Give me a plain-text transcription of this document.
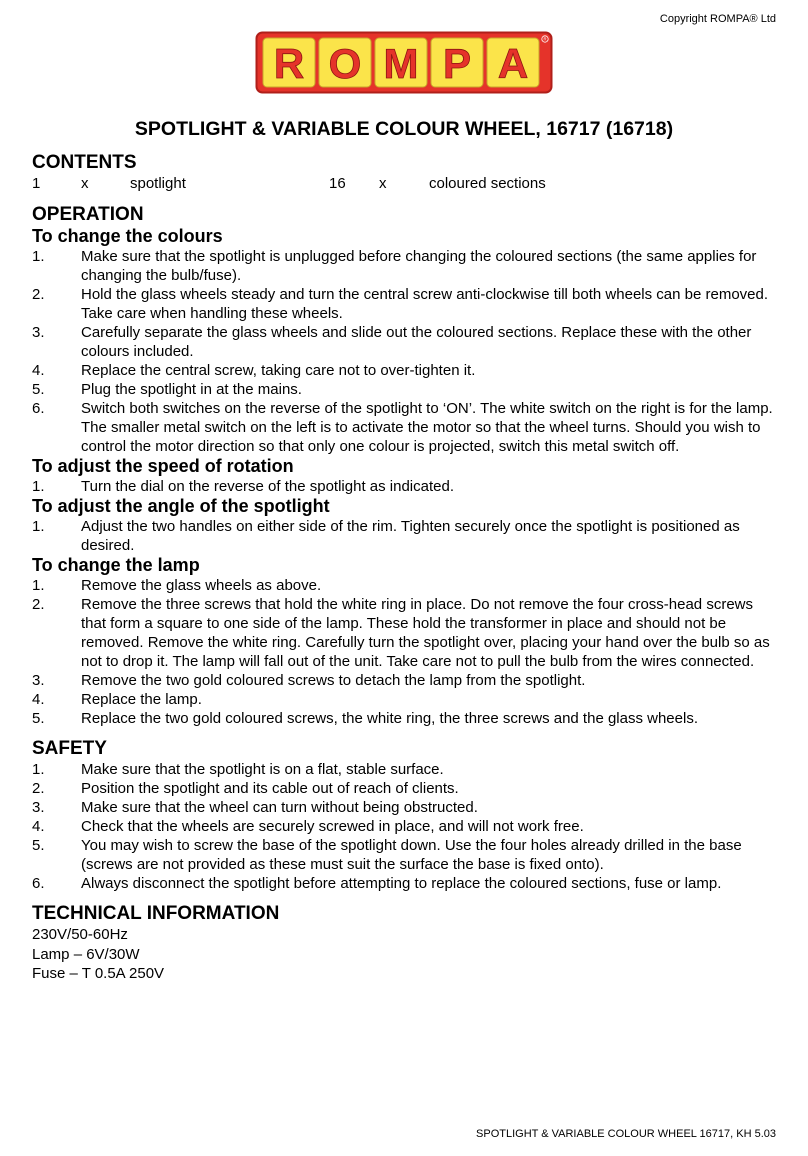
Copyright ROMPA® Ltd
R O M P A
R
SPOTLIGHT & VARIABLE COLOUR WHEEL, 16717 (16718)
CONTENTS
1	x	spotlight	16 x	coloured sections
OPERATION
To change the colours
1. Make sure that the spotlight is unplugged before changing the coloured sections (the same applies for changing the bulb/fuse).
2. Hold the glass wheels steady and turn the central screw anti-clockwise till both wheels can be removed. Take care when handling these wheels.
3. Carefully separate the glass wheels and slide out the coloured sections. Replace these with the other colours included.
4. Replace the central screw, taking care not to over-tighten it.
5. Plug the spotlight in at the mains.
6. Switch both switches on the reverse of the spotlight to ‘ON’. The white switch on the right is for the lamp. The smaller metal switch on the left is to activate the motor so that the wheel turns. Should you wish to control the motor direction so that only one colour is projected, switch this metal switch off.
To adjust the speed of rotation
1. Turn the dial on the reverse of the spotlight as indicated.
To adjust the angle of the spotlight
1. Adjust the two handles on either side of the rim. Tighten securely once the spotlight is positioned as desired.
To change the lamp
1. Remove the glass wheels as above.
2. Remove the three screws that hold the white ring in place. Do not remove the four cross-head screws that form a square to one side of the lamp. These hold the transformer in place and should not be removed. Remove the white ring. Carefully turn the spotlight over, placing your hand over the bulb so as not to drop it. The lamp will fall out of the unit. Take care not to pull the bulb from the wires connected.
3. Remove the two gold coloured screws to detach the lamp from the spotlight.
4. Replace the lamp.
5. Replace the two gold coloured screws, the white ring, the three screws and the glass wheels.
SAFETY
1. Make sure that the spotlight is on a flat, stable surface.
2. Position the spotlight and its cable out of reach of clients.
3. Make sure that the wheel can turn without being obstructed.
4. Check that the wheels are securely screwed in place, and will not work free.
5. You may wish to screw the base of the spotlight down. Use the four holes already drilled in the base (screws are not provided as these must suit the surface the base is fixed onto).
6. Always disconnect the spotlight before attempting to replace the coloured sections, fuse or lamp.
TECHNICAL INFORMATION
230V/50-60Hz
Lamp – 6V/30W
Fuse – T 0.5A 250V
SPOTLIGHT & VARIABLE COLOUR WHEEL 16717, KH 5.03
